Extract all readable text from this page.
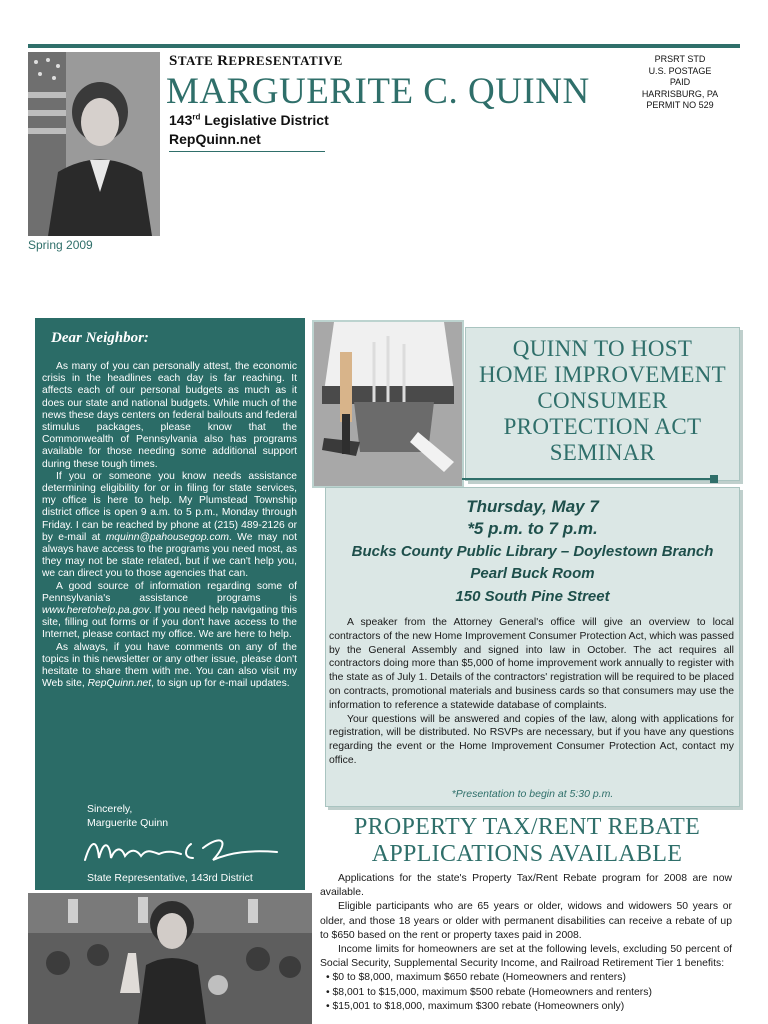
STATE REPRESENTATIVE
MARGUERITE C. QUINN
143rd Legislative District
RepQuinn.net
PRSRT STD
U.S. POSTAGE
PAID
HARRISBURG, PA
PERMIT NO 529
Spring 2009
Dear Neighbor:

As many of you can personally attest, the economic crisis in the headlines each day is far reaching. It affects each of our personal budgets as much as it does our state and national budgets. While much of the news these days centers on federal bailouts and federal stimulus packages, please know that the Commonwealth of Pennsylvania also has programs available for those needing some additional support during these tough times.

If you or someone you know needs assistance determining eligibility for or in filing for state services, my office is here to help. My Plumstead Township district office is open 9 a.m. to 5 p.m., Monday through Friday. I can be reached by phone at (215) 489-2126 or by e-mail at mquinn@pahousegop.com. We may not always have access to the programs you need most, as they may not be state related, but if we can't help you, we can direct you to those agencies that can.

A good source of information regarding some of Pennsylvania's assistance programs is www.heretohelp.pa.gov. If you need help navigating this site, filling out forms or if you don't have access to the Internet, please contact my office. We are here to help.

As always, if you have comments on any of the topics in this newsletter or any other issue, please don't hesitate to share them with me. You can also visit my Web site, RepQuinn.net, to sign up for e-mail updates.

Sincerely,
Marguerite Quinn
State Representative, 143rd District
QUINN TO HOST
HOME IMPROVEMENT
CONSUMER
PROTECTION ACT
SEMINAR
Thursday, May 7
*5 p.m. to 7 p.m.
Bucks County Public Library – Doylestown Branch
Pearl Buck Room
150 South Pine Street

A speaker from the Attorney General's office will give an overview to local contractors of the new Home Improvement Consumer Protection Act, which was passed by the General Assembly and signed into law in October. The act requires all contractors doing more than $5,000 of home improvement work annually to register with the state as of July 1. Details of the contractors' registration will be required to be placed on contracts, promotional materials and business cards so that consumers may use the information to reference a statewide database of complaints.

Your questions will be answered and copies of the law, along with applications for registration, will be distributed. No RSVPs are necessary, but if you have any questions regarding the event or the Home Improvement Consumer Protection Act, contact my office.

*Presentation to begin at 5:30 p.m.
PROPERTY TAX/RENT REBATE
APPLICATIONS AVAILABLE

Applications for the state's Property Tax/Rent Rebate program for 2008 are now available.

Eligible participants who are 65 years or older, widows and widowers 50 years or older, and those 18 years or older with permanent disabilities can receive a rebate of up to $650 based on the rent or property taxes paid in 2008.

Income limits for homeowners are set at the following levels, excluding 50 percent of Social Security, Supplemental Security Income, and Railroad Retirement Tier 1 benefits:

• $0 to $8,000, maximum $650 rebate (Homeowners and renters)
• $8,001 to $15,000, maximum $500 rebate (Homeowners and renters)
• $15,001 to $18,000, maximum $300 rebate (Homeowners only)
